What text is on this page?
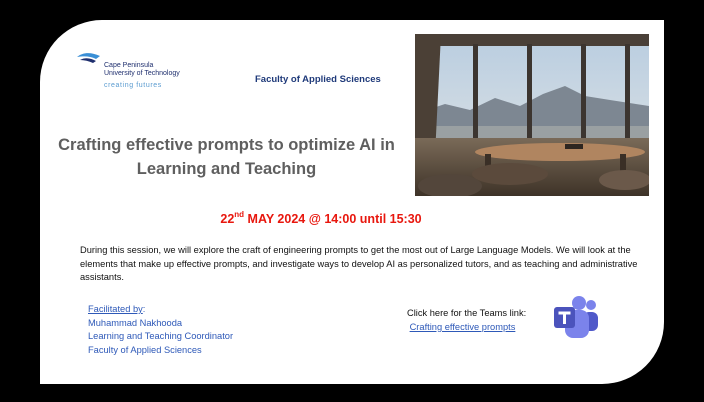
Cape Peninsula
University of Technology
creating futures
Faculty of Applied Sciences
Crafting effective prompts to optimize AI in Learning and Teaching
22nd MAY 2024 @ 14:00 until 15:30
During this session, we will explore the craft of engineering prompts to get the most out of Large Language Models. We will look at the elements that make up effective prompts, and investigate ways to develop AI as personalized tutors, and as teaching and administrative assistants.
Facilitated by:
Muhammad Nakhooda
Learning and Teaching Coordinator
Faculty of Applied Sciences
Click here for the Teams link:
Crafting effective prompts
